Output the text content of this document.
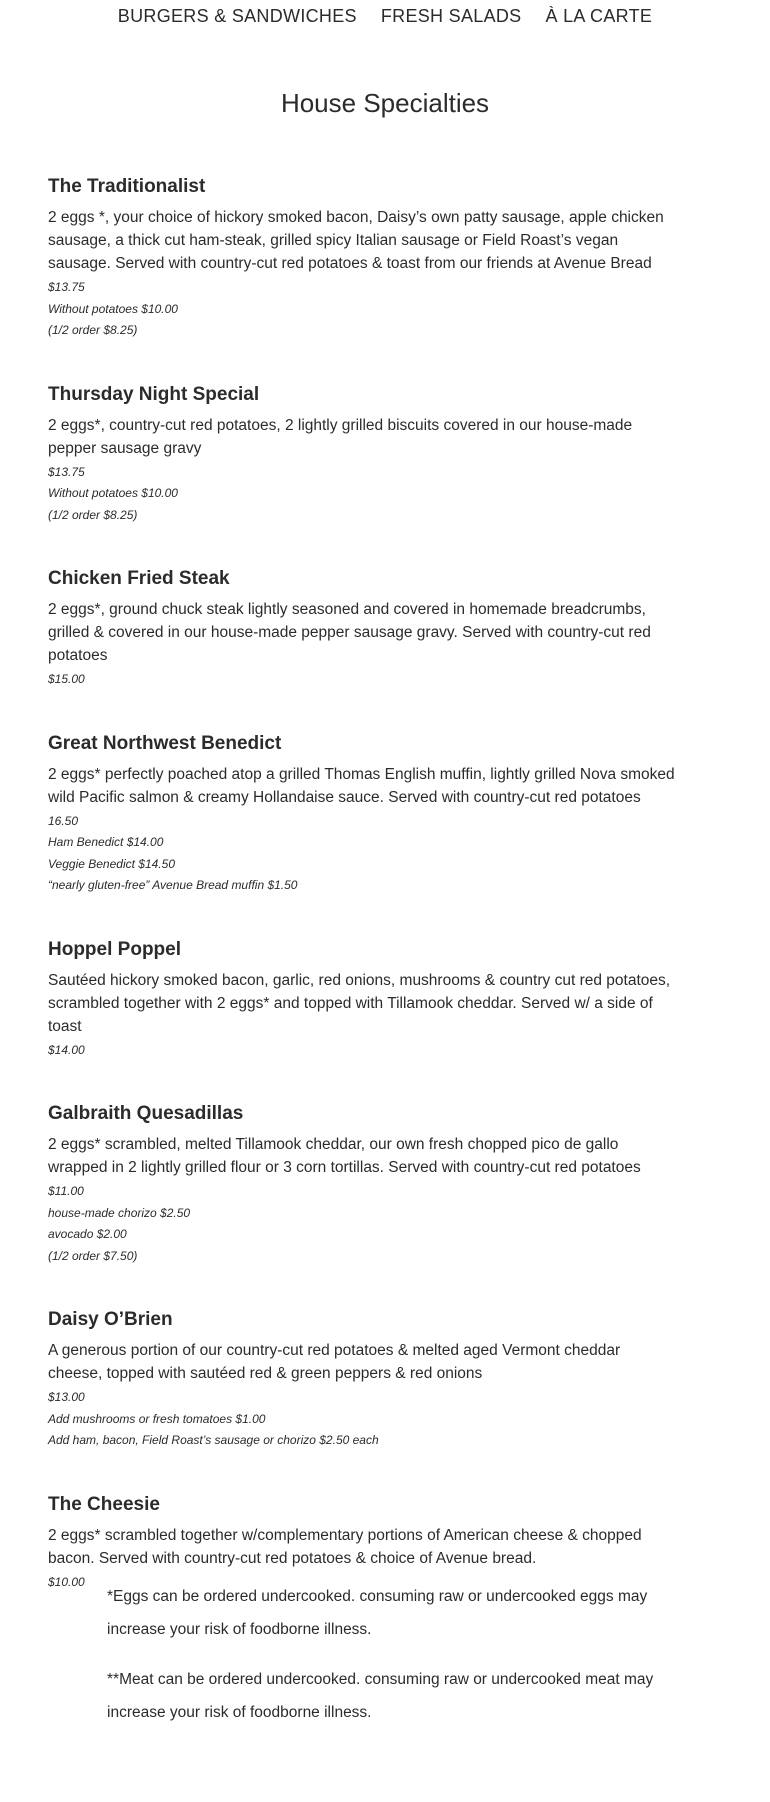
BURGERS & SANDWICHES FRESH SALADS À LA CARTE
House Specialties
The Traditionalist

2 eggs *, your choice of hickory smoked bacon, Daisy’s own patty sausage, apple chicken sausage, a thick cut ham-steak, grilled spicy Italian sausage or Field Roast’s vegan sausage. Served with country-cut red potatoes & toast from our friends at Avenue Bread

$13.75

Without potatoes $10.00

(1/2 order $8.25)

Thursday Night Special

2 eggs*, country-cut red potatoes, 2 lightly grilled biscuits covered in our house-made pepper sausage gravy

$13.75

Without potatoes $10.00

(1/2 order $8.25)

Chicken Fried Steak

2 eggs*, ground chuck steak lightly seasoned and covered in homemade breadcrumbs, grilled & covered in our house-made pepper sausage gravy. Served with country-cut red potatoes

$15.00

Great Northwest Benedict

2 eggs* perfectly poached atop a grilled Thomas English muffin, lightly grilled Nova smoked wild Pacific salmon & creamy Hollandaise sauce. Served with country-cut red potatoes

16.50

Ham Benedict $14.00

Veggie Benedict $14.50

“nearly gluten-free” Avenue Bread muffin $1.50

Hoppel Poppel

Sautéed hickory smoked bacon, garlic, red onions, mushrooms & country cut red potatoes, scrambled together with 2 eggs* and topped with Tillamook cheddar. Served w/ a side of toast

$14.00

Galbraith Quesadillas

2 eggs* scrambled, melted Tillamook cheddar, our own fresh chopped pico de gallo wrapped in 2 lightly grilled flour or 3 corn tortillas. Served with country-cut red potatoes

$11.00

house-made chorizo $2.50

avocado $2.00

(1/2 order $7.50)

Daisy O’Brien

A generous portion of our country-cut red potatoes & melted aged Vermont cheddar cheese, topped with sautéed red & green peppers & red onions

$13.00

Add mushrooms or fresh tomatoes $1.00

Add ham, bacon, Field Roast’s sausage or chorizo $2.50 each

The Cheesie

2 eggs* scrambled together w/complementary portions of American cheese & chopped bacon. Served with country-cut red potatoes & choice of Avenue bread.

$10.00

*Eggs can be ordered undercooked. consuming raw or undercooked eggs may increase your risk of foodborne illness.

**Meat can be ordered undercooked. consuming raw or undercooked meat may increase your risk of foodborne illness.
